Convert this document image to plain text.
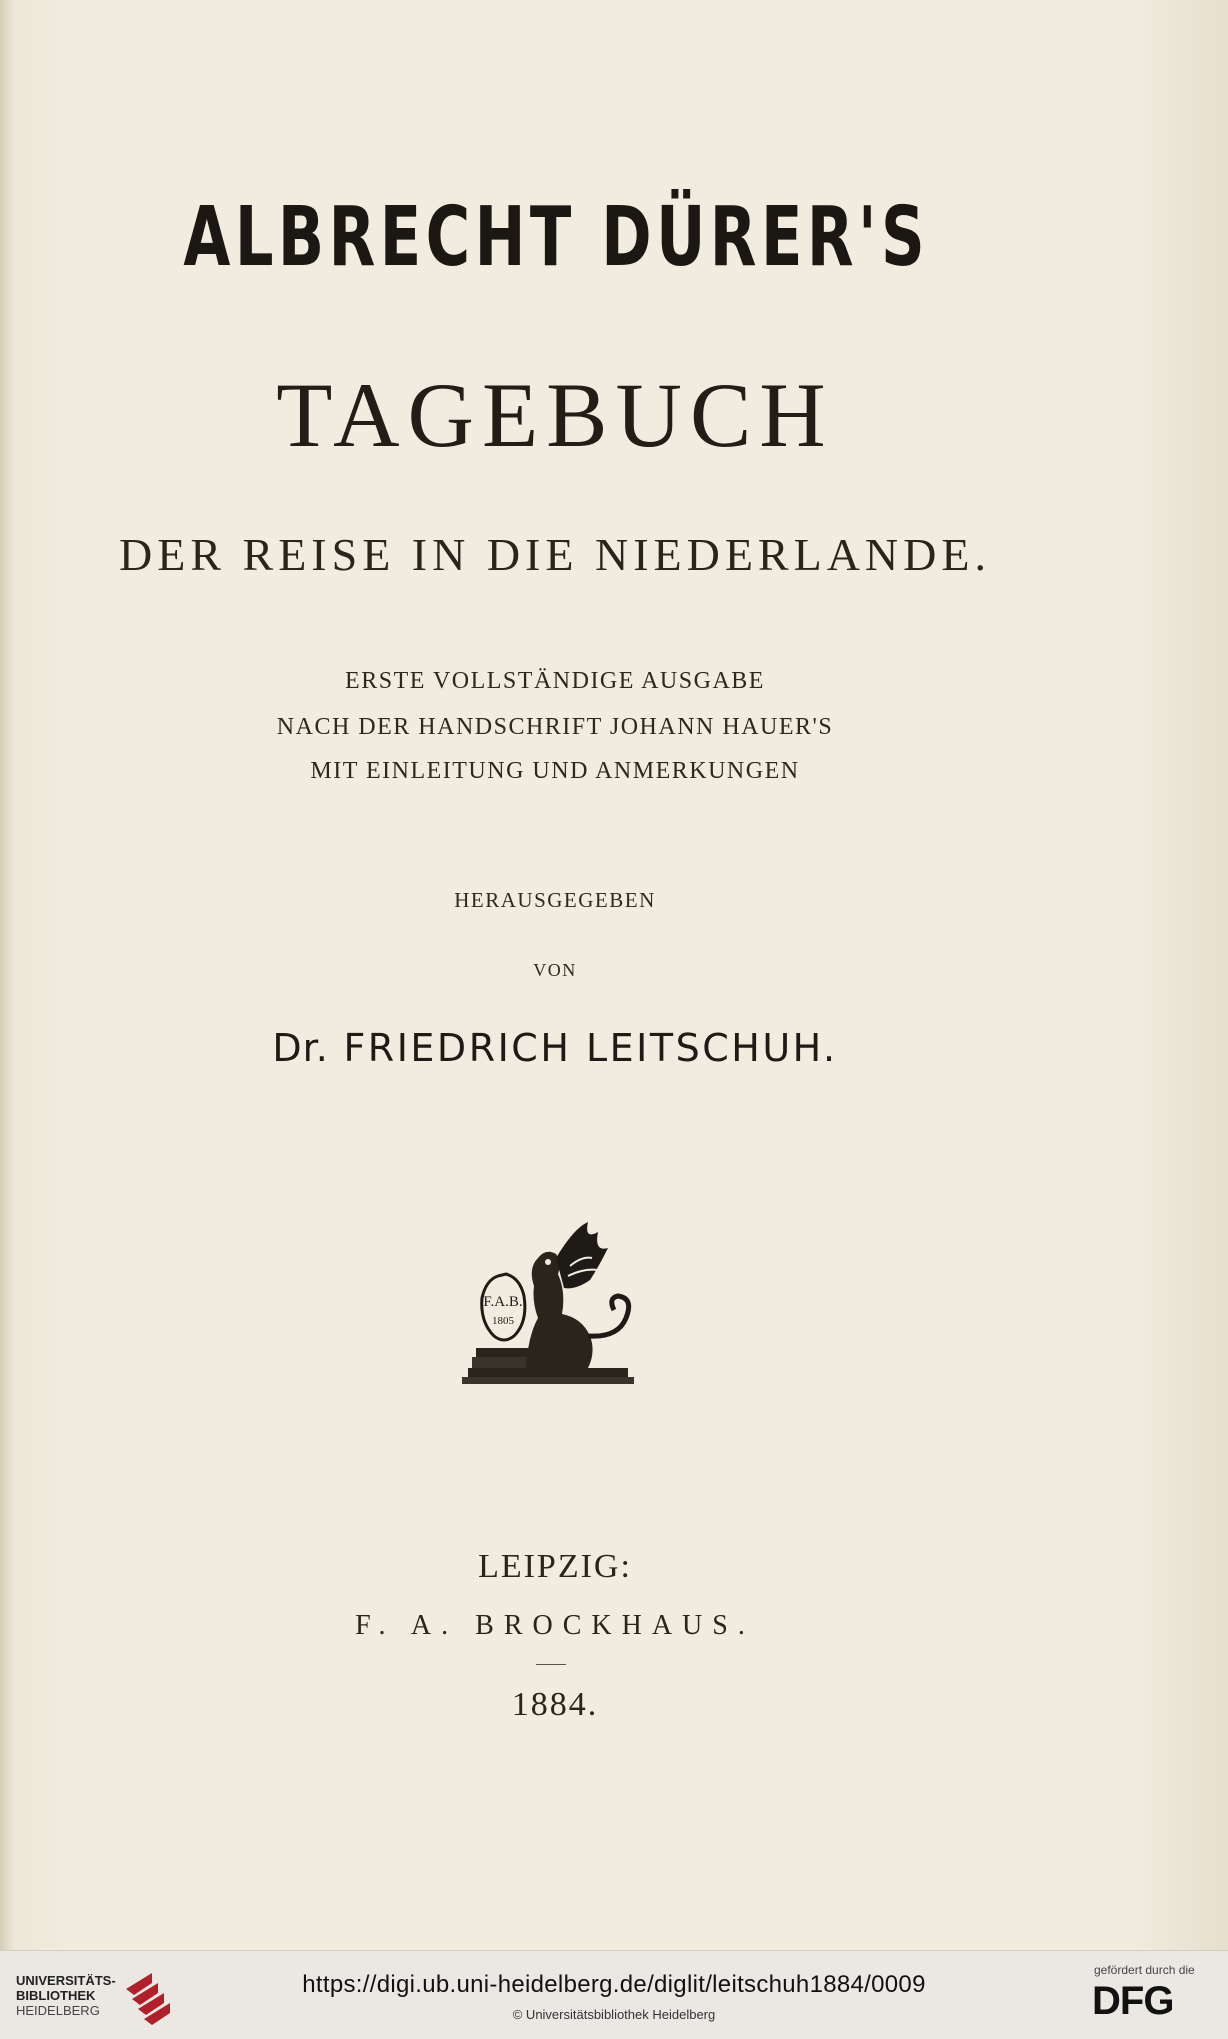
ALBRECHT DÜRER'S
TAGEBUCH
DER REISE IN DIE NIEDERLANDE.
ERSTE VOLLSTÄNDIGE AUSGABE
NACH DER HANDSCHRIFT JOHANN HAUER'S
MIT EINLEITUNG UND ANMERKUNGEN
HERAUSGEGEBEN
VON
Dr. FRIEDRICH LEITSCHUH.
F.A.B.
1805
LEIPZIG:
F. A. BROCKHAUS.
1884.
UNIVERSITÄTS-
BIBLIOTHEK
HEIDELBERG
https://digi.ub.uni-heidelberg.de/diglit/leitschuh1884/0009
© Universitätsbibliothek Heidelberg
gefördert durch die
DFG
